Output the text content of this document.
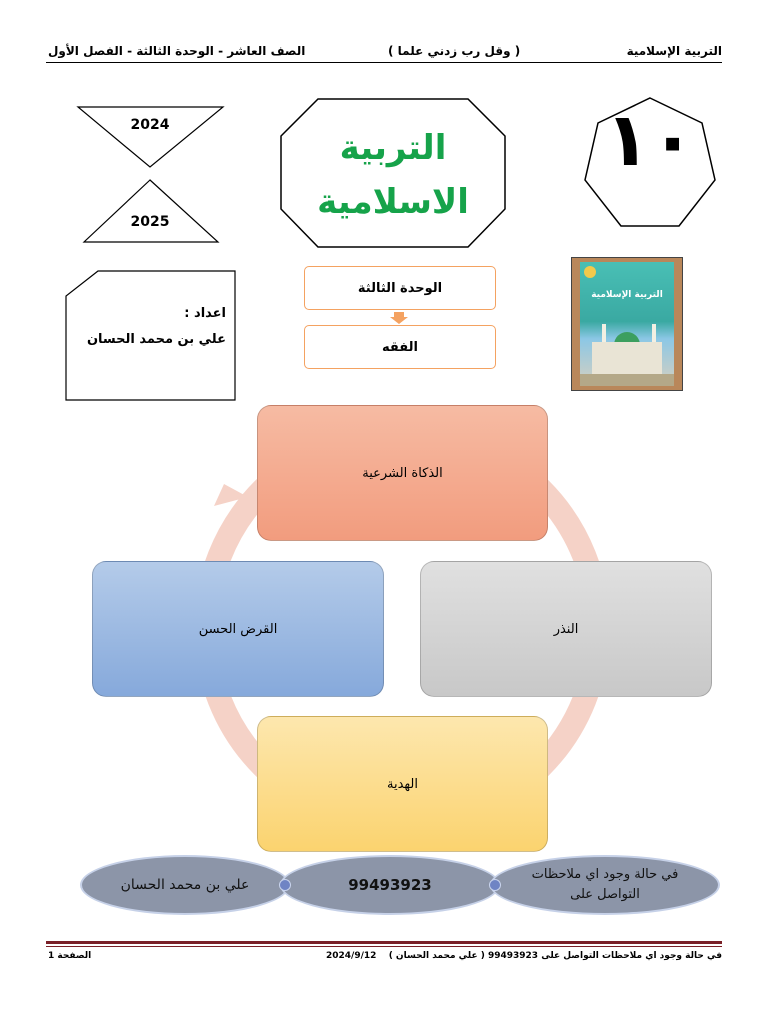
التربية الإسلامية
( وقل رب زدني علما )
الصف العاشر - الوحدة الثالثة - الفصل الأول
2024
2025
التربية
الاسلامية
١٠
الوحدة الثالثة
الفقه
اعداد :
علي بن محمد الحسان
التربية الإسلامية
الذكاة الشرعية
النذر
القرض الحسن
الهدية
علي بن محمد الحسان	99493923
في حالة وجود اي ملاحظات التواصل على
في حالة وجود اي ملاحظات التواصل على 99493923 ( علي محمد الحسان )
2024/9/12
الصفحة 1
